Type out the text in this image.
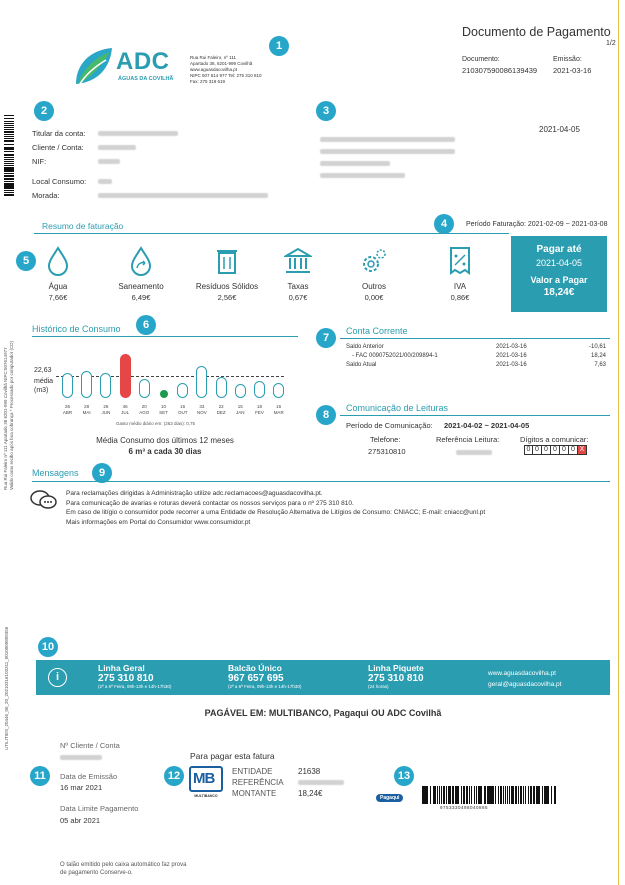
Documento de Pagamento
1/2
Documento:
210307590086139439
Emissão:
2021-03-16
ADC
ÁGUAS DA COVILHÃ
Rua Rui Faleiro, nº 111
Apartado 38, 6201-999 Covilhã
www.aguasdacovilha.pt
NIPC 507 614 977 Tel: 275 310 810
Fax: 275 319 619
1
2	3
4
5
6
7
8
9
10
11	12	13
Rua Rui Faleiro nº 111 Apartado 38 6201-999 Covilhã NIPC:507614977 Valido como recibo após boa cobrança * Processado por computador (CD)
UTILITIES_20446_06_20_20210316103311_0010009809356
Titular da conta:
Cliente / Conta:
NIF:
Local Consumo:
Morada:
2021-04-05
Resumo de faturação	Período Faturação: 2021-02-09 ~ 2021-03-08
Água
7,66€
Saneamento
6,49€
Resíduos Sólidos
2,56€
Taxas
0,67€
Outros
0,00€
IVA
0,86€
Pagar até
2021-04-05
Valor a Pagar
18,24€
Histórico de Consumo
22,63
média
(m3)
26
ABR
28
MAI
26
JUN
46
JUL
20
AGO
10
SET
16
OUT
33
NOV
22
DEZ
15
JAN
18
FEV
16
MAR
Gasto médio diário em: (263 dias): 0,75
Média Consumo dos últimos 12 meses
6 m³ a cada 30 dias
Conta Corrente
Saldo Anterior	2021-03-16	-10,61
- FAC 0090752021/00/209894-1	2021-03-16	18,24
Saldo Atual	2021-03-16	7,63
Comunicação de Leituras
Período de Comunicação: 2021-04-02 ~ 2021-04-05
Telefone:
275310810
Referência Leitura:	Dígitos a comunicar:
0 0 0 0 0 0 X
Mensagens
Para reclamações dirigidas à Administração utilize adc.reclamacoes@aguasdacovilha.pt.
Para comunicação de avarias e roturas deverá contactar os nossos serviços para o nº 275 310 810.
Em caso de litígio o consumidor pode recorrer a uma Entidade de Resolução Alternativa de Litígios de Consumo: CNIACC; E-mail: cniacc@unl.pt
Mais informações em Portal do Consumidor www.consumidor.pt
i
Linha Geral
275 310 810
(2ª a 6ª Feira, 09h-13h e 14h-17h30)
Balcão Único
967 657 695
(2ª a 6ª Feira, 09h-13h e 14h-17h30)
Linha Piquete
275 310 810
(24 horas)
www.aguasdacovilha.pt
geral@aguasdacovilha.pt
PAGÁVEL EM: MULTIBANCO, Pagaqui OU ADC Covilhã
Nº Cliente / Conta
Data de Emissão
16 mar 2021
Data Limite Pagamento
05 abr 2021
Para pagar esta fatura
MB
MULTIBANCO
ENTIDADE	21638
REFERÊNCIA
MONTANTE	18,24€	Pagaqui
9753330498040885
O talão emitido pelo caixa automático faz prova
de pagamento Conserve-o.
